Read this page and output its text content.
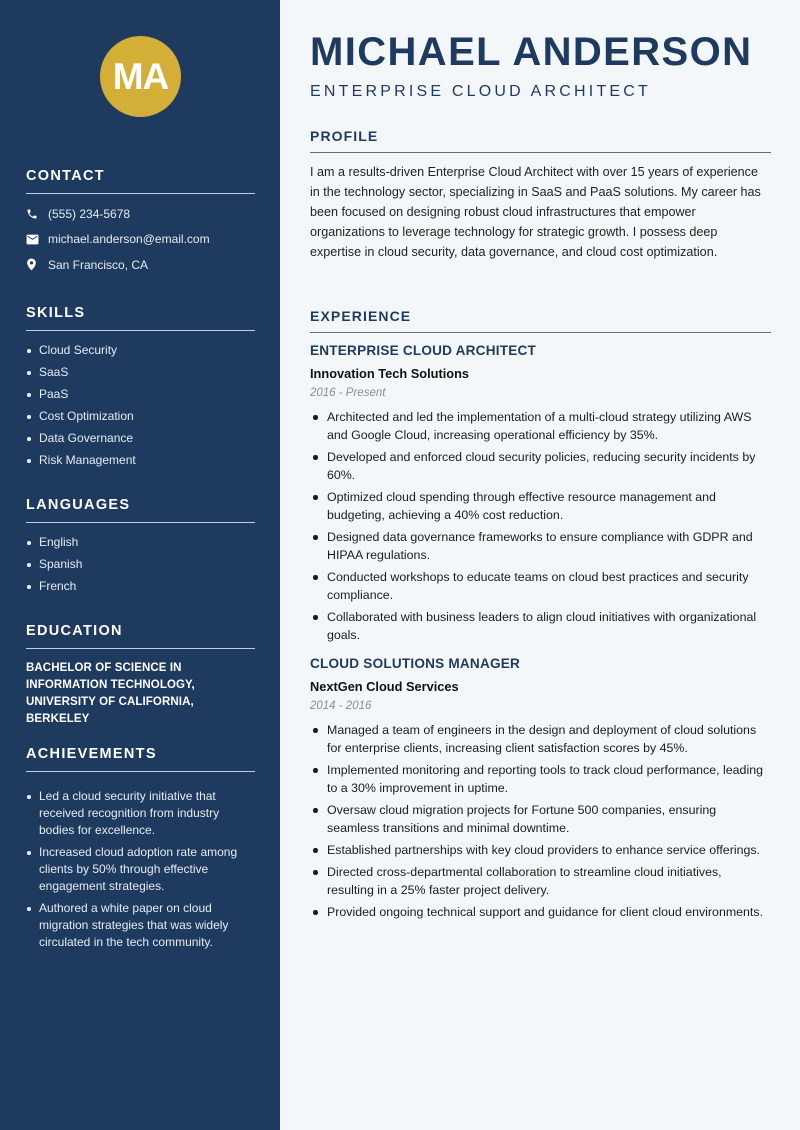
MA
CONTACT
(555) 234-5678
michael.anderson@email.com
San Francisco, CA
SKILLS
Cloud Security
SaaS
PaaS
Cost Optimization
Data Governance
Risk Management
LANGUAGES
English
Spanish
French
EDUCATION
BACHELOR OF SCIENCE IN INFORMATION TECHNOLOGY, UNIVERSITY OF CALIFORNIA, BERKELEY
ACHIEVEMENTS
Led a cloud security initiative that received recognition from industry bodies for excellence.
Increased cloud adoption rate among clients by 50% through effective engagement strategies.
Authored a white paper on cloud migration strategies that was widely circulated in the tech community.
MICHAEL ANDERSON
ENTERPRISE CLOUD ARCHITECT
PROFILE

I am a results-driven Enterprise Cloud Architect with over 15 years of experience in the technology sector, specializing in SaaS and PaaS solutions. My career has been focused on designing robust cloud infrastructures that empower organizations to leverage technology for strategic growth. I possess deep expertise in cloud security, data governance, and cloud cost optimization.

EXPERIENCE
ENTERPRISE CLOUD ARCHITECT
Innovation Tech Solutions
2016 - Present
Architected and led the implementation of a multi-cloud strategy utilizing AWS and Google Cloud, increasing operational efficiency by 35%.
Developed and enforced cloud security policies, reducing security incidents by 60%.
Optimized cloud spending through effective resource management and budgeting, achieving a 40% cost reduction.
Designed data governance frameworks to ensure compliance with GDPR and HIPAA regulations.
Conducted workshops to educate teams on cloud best practices and security compliance.
Collaborated with business leaders to align cloud initiatives with organizational goals.
CLOUD SOLUTIONS MANAGER
NextGen Cloud Services
2014 - 2016
Managed a team of engineers in the design and deployment of cloud solutions for enterprise clients, increasing client satisfaction scores by 45%.
Implemented monitoring and reporting tools to track cloud performance, leading to a 30% improvement in uptime.
Oversaw cloud migration projects for Fortune 500 companies, ensuring seamless transitions and minimal downtime.
Established partnerships with key cloud providers to enhance service offerings.
Directed cross-departmental collaboration to streamline cloud initiatives, resulting in a 25% faster project delivery.
Provided ongoing technical support and guidance for client cloud environments.
